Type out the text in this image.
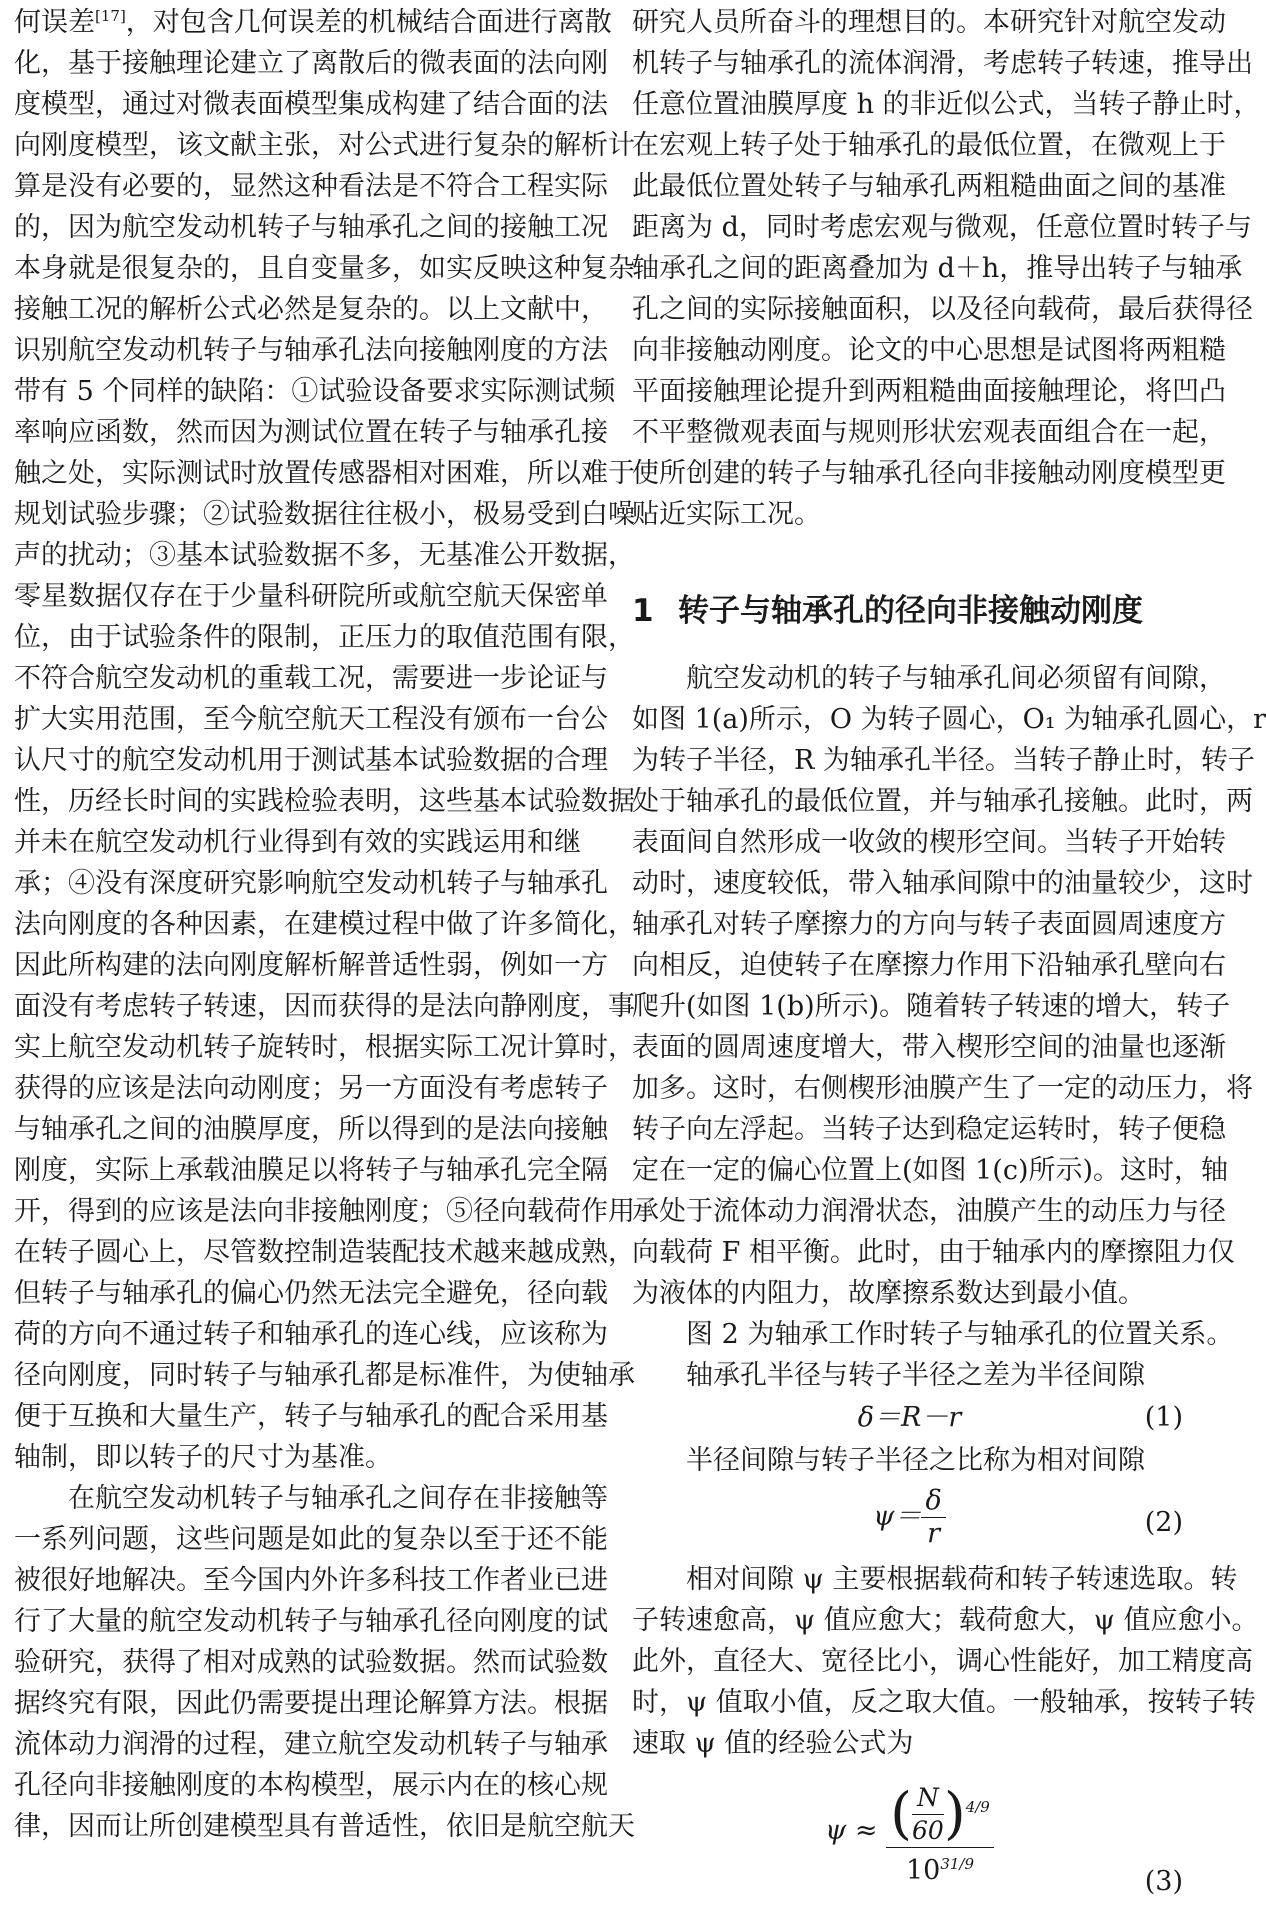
何误差[17]，对包含几何误差的机械结合面进行离散
化，基于接触理论建立了离散后的微表面的法向刚
度模型，通过对微表面模型集成构建了结合面的法
向刚度模型，该文献主张，对公式进行复杂的解析计
算是没有必要的，显然这种看法是不符合工程实际
的，因为航空发动机转子与轴承孔之间的接触工况
本身就是很复杂的，且自变量多，如实反映这种复杂
接触工况的解析公式必然是复杂的。以上文献中，
识别航空发动机转子与轴承孔法向接触刚度的方法
带有 5 个同样的缺陷：①试验设备要求实际测试频
率响应函数，然而因为测试位置在转子与轴承孔接
触之处，实际测试时放置传感器相对困难，所以难于
规划试验步骤；②试验数据往往极小，极易受到白噪
声的扰动；③基本试验数据不多，无基准公开数据，
零星数据仅存在于少量科研院所或航空航天保密单
位，由于试验条件的限制，正压力的取值范围有限，
不符合航空发动机的重载工况，需要进一步论证与
扩大实用范围，至今航空航天工程没有颁布一台公
认尺寸的航空发动机用于测试基本试验数据的合理
性，历经长时间的实践检验表明，这些基本试验数据
并未在航空发动机行业得到有效的实践运用和继
承；④没有深度研究影响航空发动机转子与轴承孔
法向刚度的各种因素，在建模过程中做了许多简化，
因此所构建的法向刚度解析解普适性弱，例如一方
面没有考虑转子转速，因而获得的是法向静刚度，事
实上航空发动机转子旋转时，根据实际工况计算时，
获得的应该是法向动刚度；另一方面没有考虑转子
与轴承孔之间的油膜厚度，所以得到的是法向接触
刚度，实际上承载油膜足以将转子与轴承孔完全隔
开，得到的应该是法向非接触刚度；⑤径向载荷作用
在转子圆心上，尽管数控制造装配技术越来越成熟，
但转子与轴承孔的偏心仍然无法完全避免，径向载
荷的方向不通过转子和轴承孔的连心线，应该称为
径向刚度，同时转子与轴承孔都是标准件，为使轴承
便于互换和大量生产，转子与轴承孔的配合采用基
轴制，即以转子的尺寸为基准。
在航空发动机转子与轴承孔之间存在非接触等
一系列问题，这些问题是如此的复杂以至于还不能
被很好地解决。至今国内外许多科技工作者业已进
行了大量的航空发动机转子与轴承孔径向刚度的试
验研究，获得了相对成熟的试验数据。然而试验数
据终究有限，因此仍需要提出理论解算方法。根据
流体动力润滑的过程，建立航空发动机转子与轴承
孔径向非接触刚度的本构模型，展示内在的核心规
律，因而让所创建模型具有普适性，依旧是航空航天
研究人员所奋斗的理想目的。本研究针对航空发动
机转子与轴承孔的流体润滑，考虑转子转速，推导出
任意位置油膜厚度 h 的非近似公式，当转子静止时，
在宏观上转子处于轴承孔的最低位置，在微观上于
此最低位置处转子与轴承孔两粗糙曲面之间的基准
距离为 d，同时考虑宏观与微观，任意位置时转子与
轴承孔之间的距离叠加为 d＋h，推导出转子与轴承
孔之间的实际接触面积，以及径向载荷，最后获得径
向非接触动刚度。论文的中心思想是试图将两粗糙
平面接触理论提升到两粗糙曲面接触理论，将凹凸
不平整微观表面与规则形状宏观表面组合在一起，
使所创建的转子与轴承孔径向非接触动刚度模型更
贴近实际工况。
1 转子与轴承孔的径向非接触动刚度
航空发动机的转子与轴承孔间必须留有间隙，
如图 1(a)所示，O 为转子圆心，O₁ 为轴承孔圆心，r
为转子半径，R 为轴承孔半径。当转子静止时，转子
处于轴承孔的最低位置，并与轴承孔接触。此时，两
表面间自然形成一收敛的楔形空间。当转子开始转
动时，速度较低，带入轴承间隙中的油量较少，这时
轴承孔对转子摩擦力的方向与转子表面圆周速度方
向相反，迫使转子在摩擦力作用下沿轴承孔壁向右
爬升(如图 1(b)所示)。随着转子转速的增大，转子
表面的圆周速度增大，带入楔形空间的油量也逐渐
加多。这时，右侧楔形油膜产生了一定的动压力，将
转子向左浮起。当转子达到稳定运转时，转子便稳
定在一定的偏心位置上(如图 1(c)所示)。这时，轴
承处于流体动力润滑状态，油膜产生的动压力与径
向载荷 F 相平衡。此时，由于轴承内的摩擦阻力仅
为液体的内阻力，故摩擦系数达到最小值。
图 2 为轴承工作时转子与轴承孔的位置关系。
轴承孔半径与转子半径之差为半径间隙
δ＝R－r	(1)
半径间隙与转子半径之比称为相对间隙
$\psi= \frac{\delta}{r}$	(2)
相对间隙 ψ 主要根据载荷和转子转速选取。转
子转速愈高，ψ 值应愈大；载荷愈大，ψ 值应愈小。
此外，直径大、宽径比小，调心性能好，加工精度高
时，ψ 值取小值，反之取大值。一般轴承，按转子转
速取 ψ 值的经验公式为
$\psi \approx \frac{( \frac{N}{60} )^{4/9}}{10^{31/9}}$	(3)
